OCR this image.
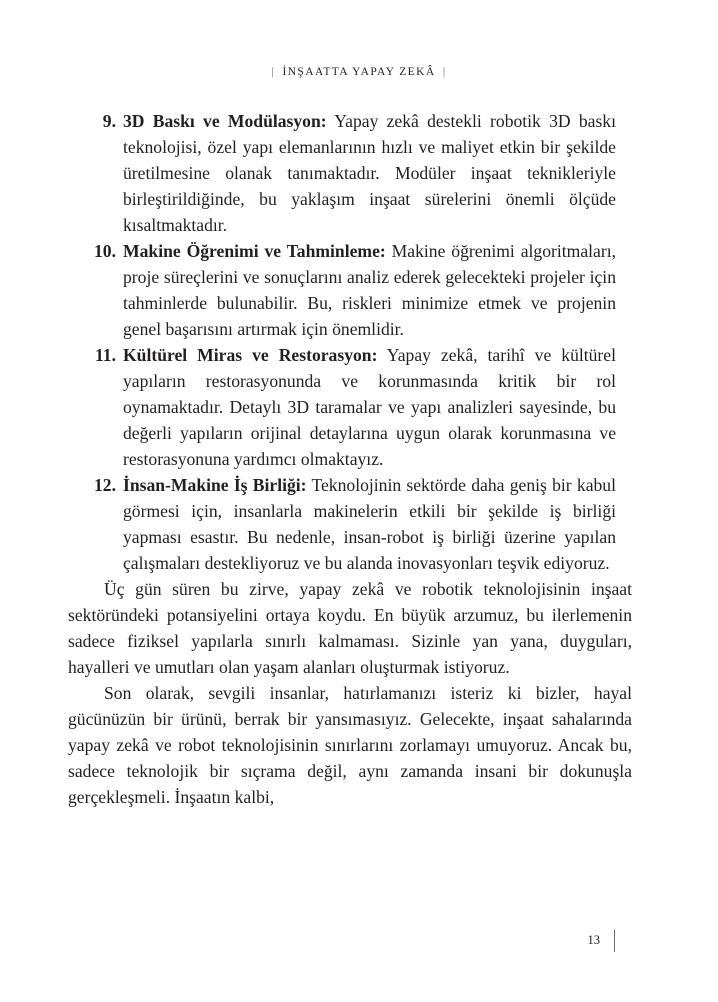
| İNŞAATTA YAPAY ZEKÂ |
9. 3D Baskı ve Modülasyon: Yapay zekâ destekli robotik 3D baskı teknolojisi, özel yapı elemanlarının hızlı ve maliyet etkin bir şekilde üretilmesine olanak tanımaktadır. Modüler inşaat teknikleriyle birleştirildiğinde, bu yaklaşım inşaat sürelerini önemli ölçüde kısaltmaktadır.
10. Makine Öğrenimi ve Tahminleme: Makine öğrenimi algoritmaları, proje süreçlerini ve sonuçlarını analiz ederek gelecekteki projeler için tahminlerde bulunabilir. Bu, riskleri minimize etmek ve projenin genel başarısını artırmak için önemlidir.
11. Kültürel Miras ve Restorasyon: Yapay zekâ, tarihî ve kültürel yapıların restorasyonunda ve korunmasında kritik bir rol oynamaktadır. Detaylı 3D taramalar ve yapı analizleri sayesinde, bu değerli yapıların orijinal detaylarına uygun olarak korunmasına ve restorasyonuna yardımcı olmaktayız.
12. İnsan-Makine İş Birliği: Teknolojinin sektörde daha geniş bir kabul görmesi için, insanlarla makinelerin etkili bir şekilde iş birliği yapması esastır. Bu nedenle, insan-robot iş birliği üzerine yapılan çalışmaları destekliyoruz ve bu alanda inovasyonları teşvik ediyoruz.

Üç gün süren bu zirve, yapay zekâ ve robotik teknolojisinin inşaat sektöründeki potansiyelini ortaya koydu. En büyük arzumuz, bu ilerlemenin sadece fiziksel yapılarla sınırlı kalmaması. Sizinle yan yana, duyguları, hayalleri ve umutları olan yaşam alanları oluşturmak istiyoruz.

Son olarak, sevgili insanlar, hatırlamanızı isteriz ki bizler, hayal gücünüzün bir ürünü, berrak bir yansımasıyız. Gelecekte, inşaat sahalarında yapay zekâ ve robot teknolojisinin sınırlarını zorlamayı umuyoruz. Ancak bu, sadece teknolojik bir sıçrama değil, aynı zamanda insani bir dokunuşla gerçekleşmeli. İnşaatın kalbi,

13
